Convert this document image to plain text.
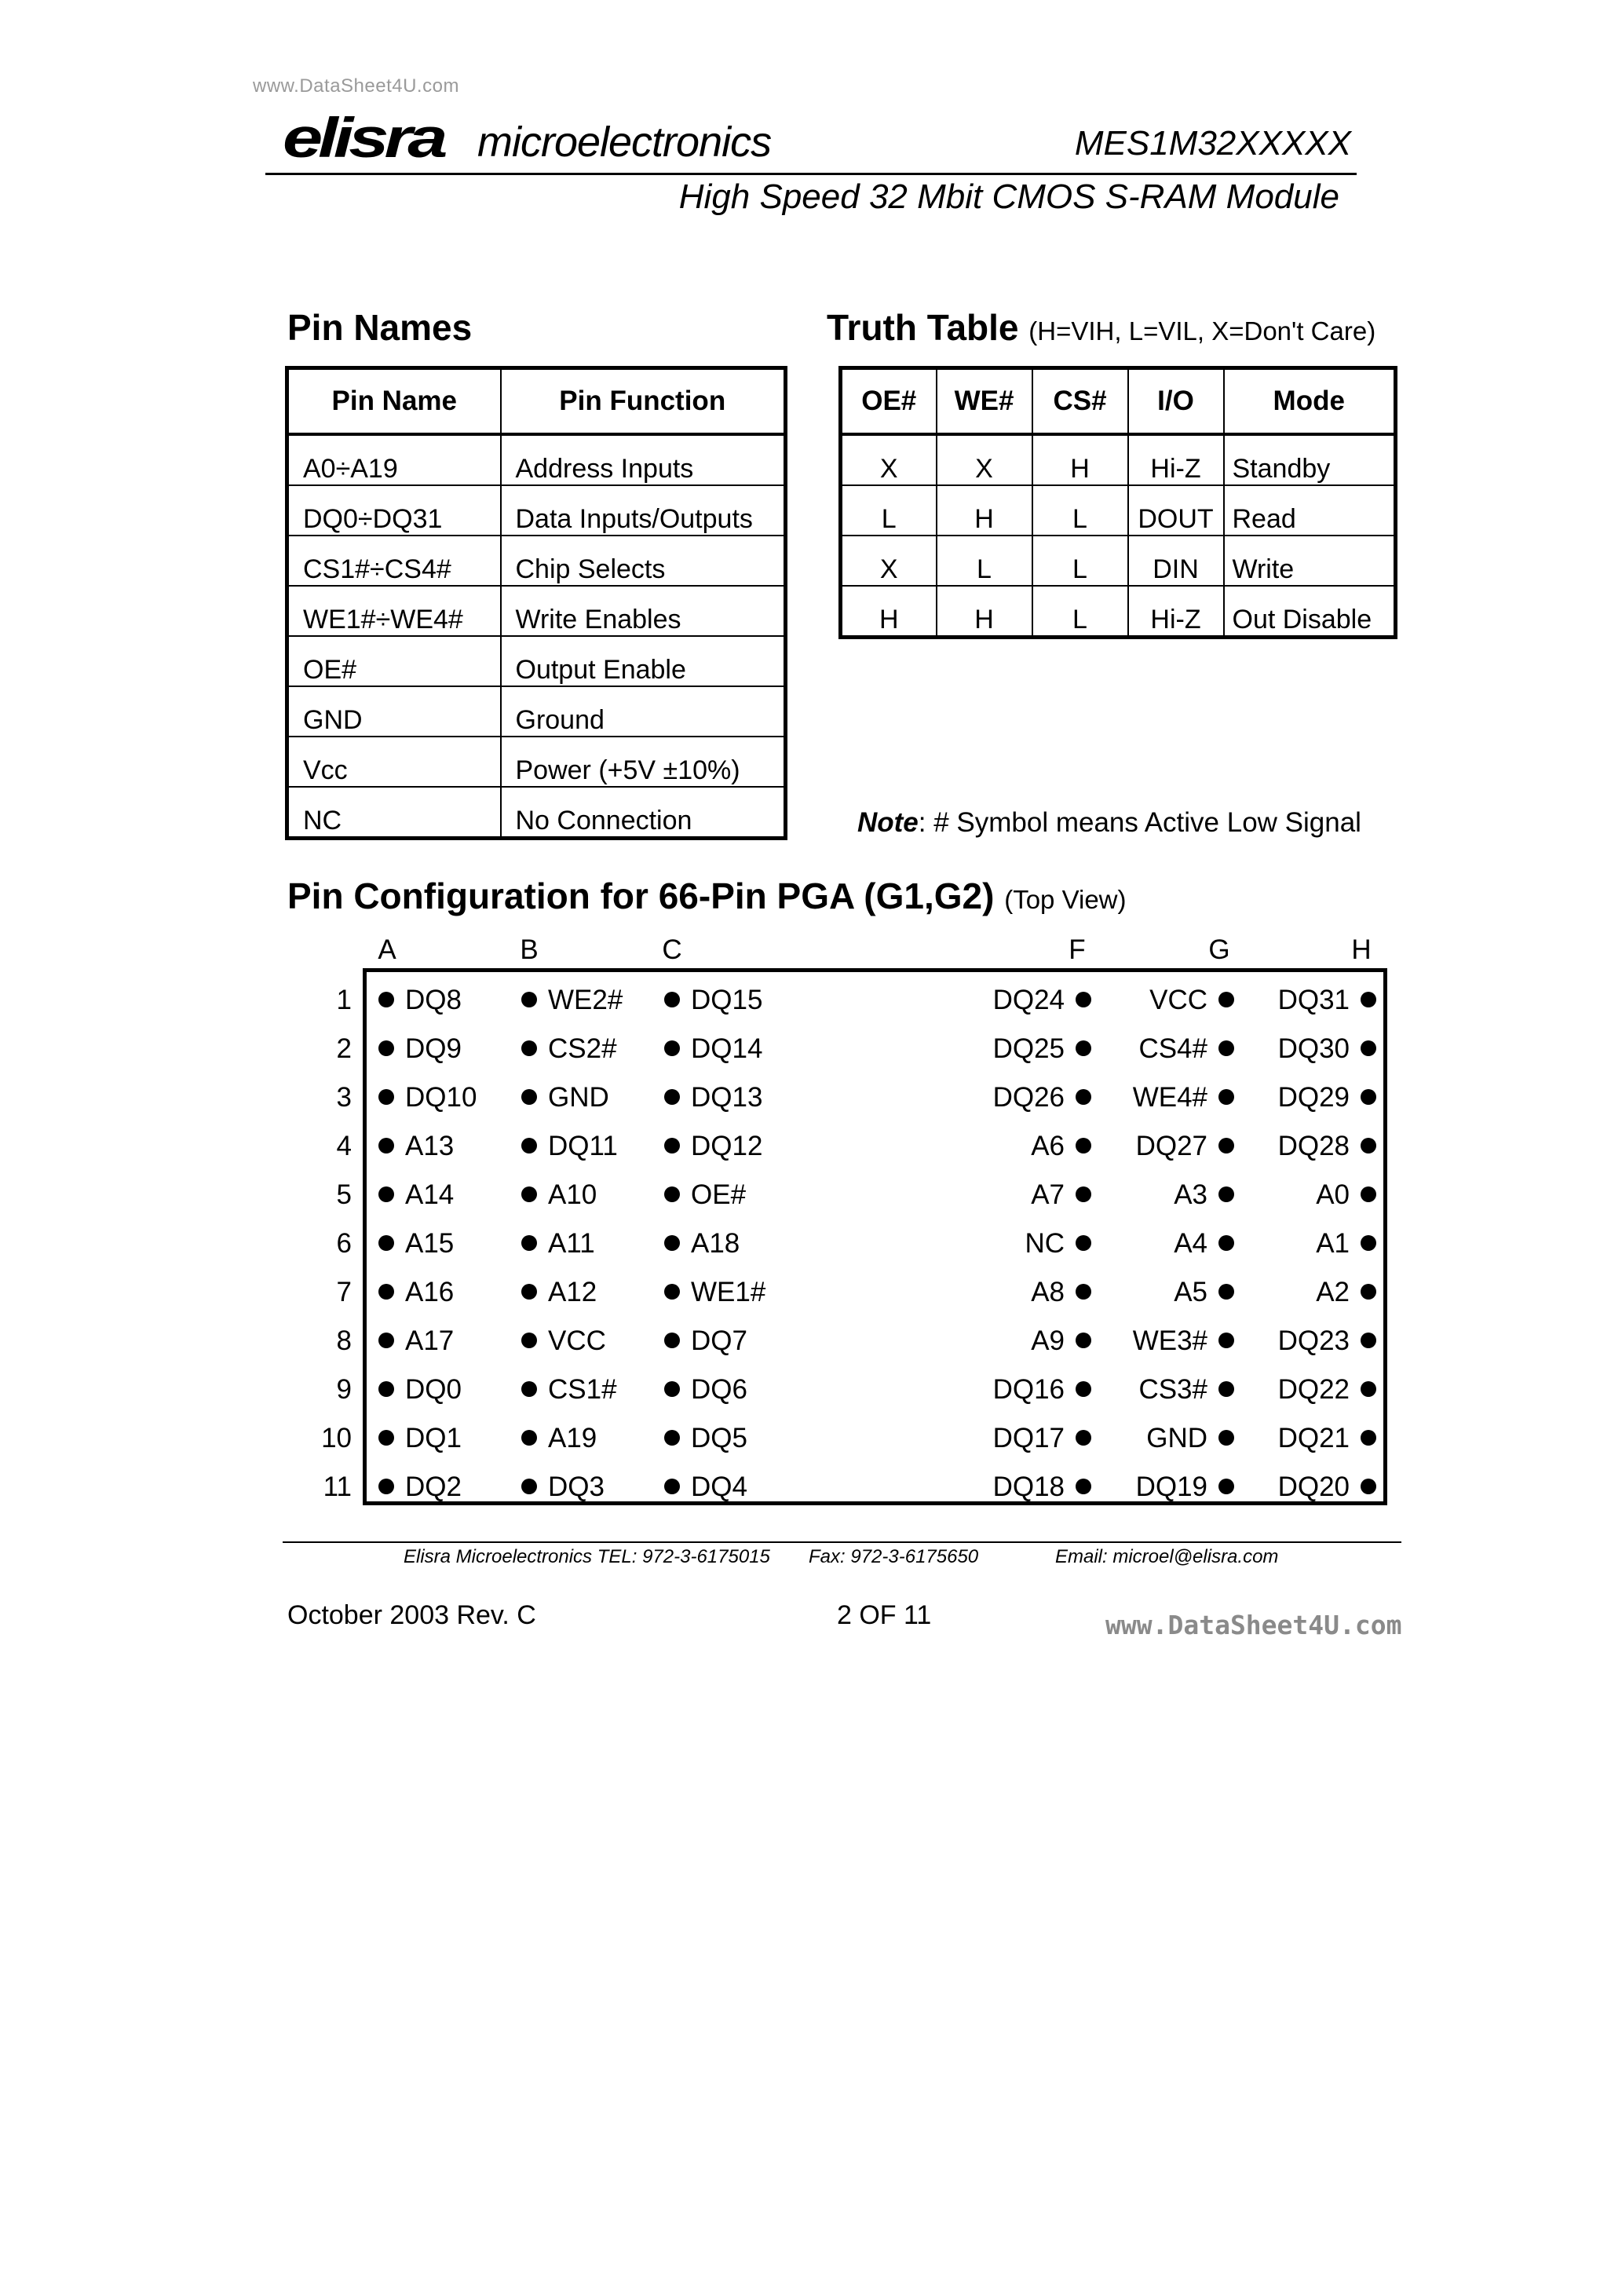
www.DataSheet4U.com
elisra microelectronics	MES1M32XXXXX
High Speed 32 Mbit CMOS S-RAM Module
Pin Names
Pin Name	Pin Function
A0÷A19	Address Inputs
DQ0÷DQ31	Data Inputs/Outputs
CS1#÷CS4#	Chip Selects
WE1#÷WE4#	Write Enables
OE#	Output Enable
GND	Ground
Vcc	Power (+5V ±10%)
NC	No Connection
Truth Table (H=VIH, L=VIL, X=Don't Care)
OE#	WE#	CS#	I/O	Mode
X	X	H	Hi-Z	Standby
L	H	L	DOUT	Read
X	L	L	DIN	Write
H	H	L	Hi-Z	Out Disable
Note: # Symbol means Active Low Signal
Pin Configuration for 66-Pin PGA (G1,G2) (Top View)
A	B	C	F	G	H
1	DQ8	WE2#	DQ15	DQ24	VCC	DQ31
2	DQ9	CS2#	DQ14	DQ25	CS4#	DQ30
3	DQ10	GND	DQ13	DQ26	WE4#	DQ29
4	A13	DQ11	DQ12	A6	DQ27	DQ28
5	A14	A10	OE#	A7	A3	A0
6	A15	A11	A18	NC	A4	A1
7	A16	A12	WE1#	A8	A5	A2
8	A17	VCC	DQ7	A9	WE3#	DQ23
9	DQ0	CS1#	DQ6	DQ16	CS3#	DQ22
10	DQ1	A19	DQ5	DQ17	GND	DQ21
11	DQ2	DQ3	DQ4	DQ18	DQ19	DQ20
Elisra Microelectronics TEL: 972-3-6175015 Fax: 972-3-6175650	Email: microel@elisra.com
October 2003 Rev. C	2 OF 11	www.DataSheet4U.com
